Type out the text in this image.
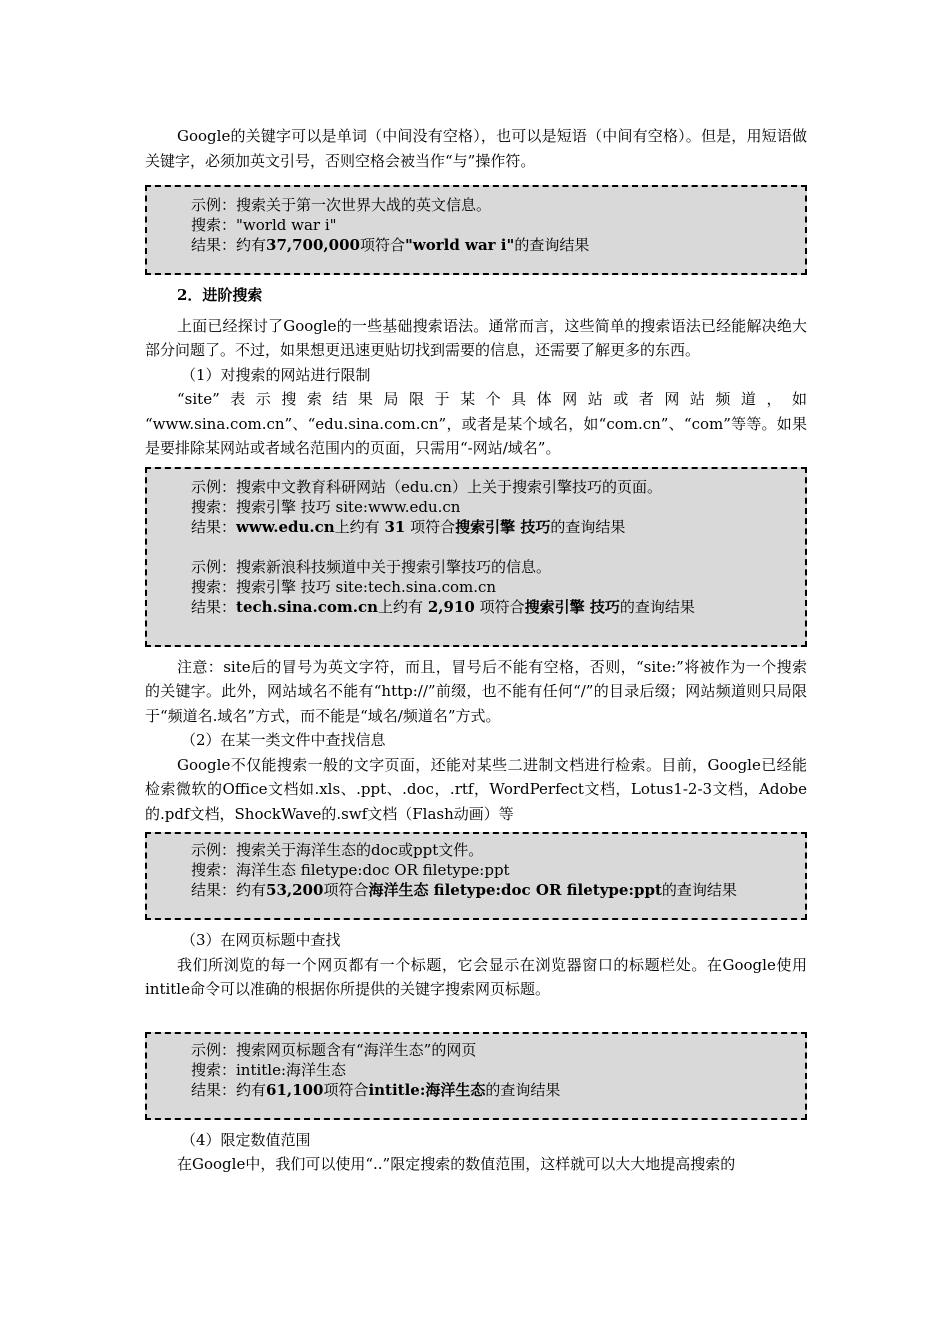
Google的关键字可以是单词（中间没有空格），也可以是短语（中间有空格）。但是，用短语做关键字，必须加英文引号，否则空格会被当作“与”操作符。

示例：搜索关于第一次世界大战的英文信息。
搜索："world war i"
结果：约有37,700,000项符合"world war i"的查询结果

2．进阶搜索

上面已经探讨了Google的一些基础搜索语法。通常而言，这些简单的搜索语法已经能解决绝大部分问题了。不过，如果想更迅速更贴切找到需要的信息，还需要了解更多的东西。

（1）对搜索的网站进行限制

“site”表示搜索结果局限于某个具体网站或者网站频道，如

“www.sina.com.cn”、“edu.sina.com.cn”，或者是某个域名，如“com.cn”、“com”等等。如果是要排除某网站或者域名范围内的页面，只需用“-网站/域名”。

示例：搜索中文教育科研网站（edu.cn）上关于搜索引擎技巧的页面。
搜索：搜索引擎 技巧 site:www.edu.cn
结果：www.edu.cn上约有 31 项符合搜索引擎 技巧的查询结果
示例：搜索新浪科技频道中关于搜索引擎技巧的信息。
搜索：搜索引擎 技巧 site:tech.sina.com.cn
结果：tech.sina.com.cn上约有 2,910 项符合搜索引擎 技巧的查询结果

注意：site后的冒号为英文字符，而且，冒号后不能有空格，否则，“site:”将被作为一个搜索的关键字。此外，网站域名不能有“http://”前缀，也不能有任何“/”的目录后缀；网站频道则只局限于“频道名.域名”方式，而不能是“域名/频道名”方式。

（2）在某一类文件中查找信息

Google不仅能搜索一般的文字页面，还能对某些二进制文档进行检索。目前，Google已经能检索微软的Office文档如.xls、.ppt、.doc，.rtf，WordPerfect文档，Lotus1-2-3文档，Adobe的.pdf文档，ShockWave的.swf文档（Flash动画）等

示例：搜索关于海洋生态的doc或ppt文件。
搜索：海洋生态 filetype:doc OR filetype:ppt
结果：约有53,200项符合海洋生态 filetype:doc OR filetype:ppt的查询结果

（3）在网页标题中查找

我们所浏览的每一个网页都有一个标题，它会显示在浏览器窗口的标题栏处。在Google使用intitle命令可以准确的根据你所提供的关键字搜索网页标题。

示例：搜索网页标题含有“海洋生态”的网页
搜索：intitle:海洋生态
结果：约有61,100项符合intitle:海洋生态的查询结果

（4）限定数值范围

在Google中，我们可以使用“..”限定搜索的数值范围，这样就可以大大地提高搜索的
